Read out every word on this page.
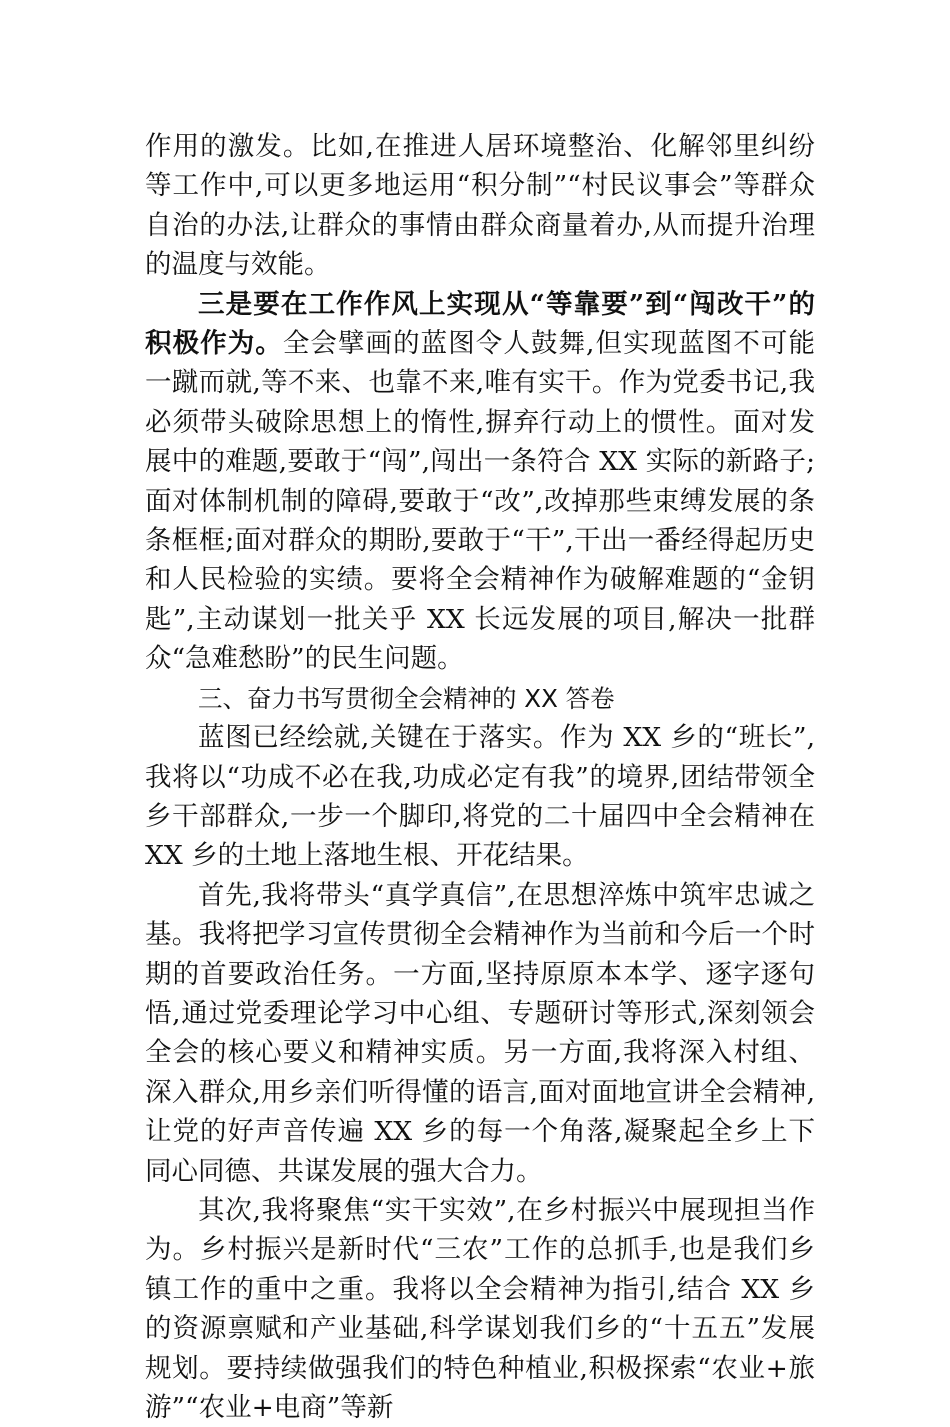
作用的激发。比如,在推进人居环境整治、化解邻里纠纷等工作中,可以更多地运用“积分制”“村民议事会”等群众自治的办法,让群众的事情由群众商量着办,从而提升治理的温度与效能。

三是要在工作作风上实现从“等靠要”到“闯改干”的积极作为。全会擘画的蓝图令人鼓舞,但实现蓝图不可能一蹴而就,等不来、也靠不来,唯有实干。作为党委书记,我必须带头破除思想上的惰性,摒弃行动上的惯性。面对发展中的难题,要敢于“闯”,闯出一条符合 XX 实际的新路子;面对体制机制的障碍,要敢于“改”,改掉那些束缚发展的条条框框;面对群众的期盼,要敢于“干”,干出一番经得起历史和人民检验的实绩。要将全会精神作为破解难题的“金钥匙”,主动谋划一批关乎 XX 长远发展的项目,解决一批群众“急难愁盼”的民生问题。

三、奋力书写贯彻全会精神的 XX 答卷

蓝图已经绘就,关键在于落实。作为 XX 乡的“班长”,我将以“功成不必在我,功成必定有我”的境界,团结带领全乡干部群众,一步一个脚印,将党的二十届四中全会精神在 XX 乡的土地上落地生根、开花结果。

首先,我将带头“真学真信”,在思想淬炼中筑牢忠诚之基。我将把学习宣传贯彻全会精神作为当前和今后一个时期的首要政治任务。一方面,坚持原原本本学、逐字逐句悟,通过党委理论学习中心组、专题研讨等形式,深刻领会全会的核心要义和精神实质。另一方面,我将深入村组、深入群众,用乡亲们听得懂的语言,面对面地宣讲全会精神,让党的好声音传遍 XX 乡的每一个角落,凝聚起全乡上下同心同德、共谋发展的强大合力。

其次,我将聚焦“实干实效”,在乡村振兴中展现担当作为。乡村振兴是新时代“三农”工作的总抓手,也是我们乡镇工作的重中之重。我将以全会精神为指引,结合 XX 乡的资源禀赋和产业基础,科学谋划我们乡的“十五五”发展规划。要持续做强我们的特色种植业,积极探索“农业+旅游”“农业+电商”等新
